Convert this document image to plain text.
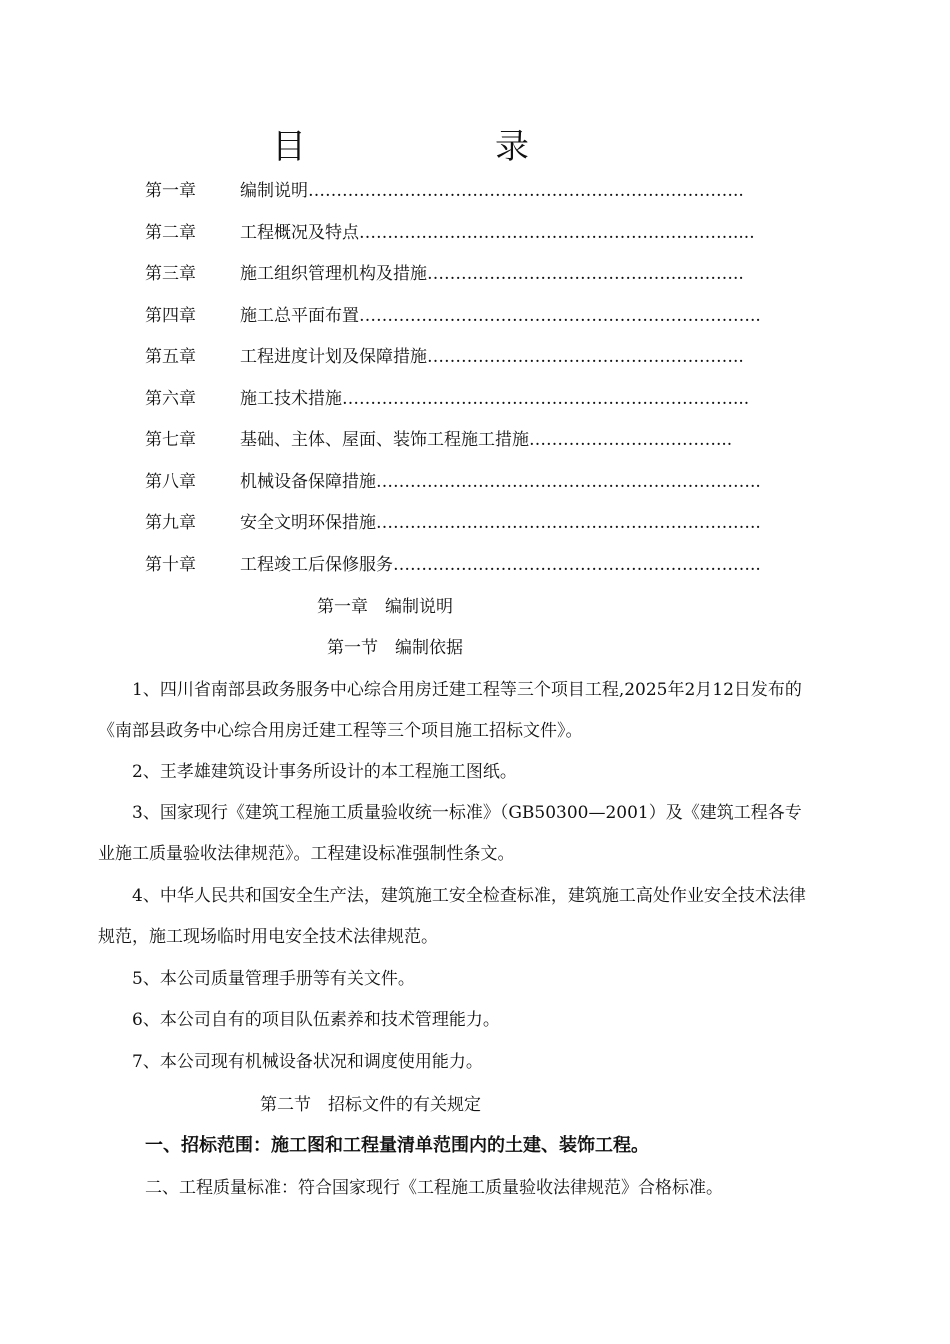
目	录
第一章	编制说明…………………………………………………………………..
第二章	工程概况及特点…………………………………………………………....
第三章	施工组织管理机构及措施………………………………………………..
第四章	施工总平面布置……………………………………………………………..
第五章	工程进度计划及保障措施………………………………………………..
第六章	施工技术措施……………………………………………………………...
第七章	基础、主体、屋面、装饰工程施工措施……………………………...
第八章	机械设备保障措施…………………………………………………………..
第九章	安全文明环保措施…………………………………………………………..
第十章	工程竣工后保修服务………………………………………………………..
第一章　编制说明
第一节　编制依据
　　1、四川省南部县政务服务中心综合用房迁建工程等三个项目工程,2025年2月12日发布的《南部县政务中心综合用房迁建工程等三个项目施工招标文件》。
　　2、王孝雄建筑设计事务所设计的本工程施工图纸。
　　3、国家现行《建筑工程施工质量验收统一标准》（GB50300—2001）及《建筑工程各专业施工质量验收法律规范》。工程建设标准强制性条文。
　　4、中华人民共和国安全生产法，建筑施工安全检查标准，建筑施工高处作业安全技术法律规范，施工现场临时用电安全技术法律规范。
　　5、本公司质量管理手册等有关文件。
　　6、本公司自有的项目队伍素养和技术管理能力。
　　7、本公司现有机械设备状况和调度使用能力。
第二节　招标文件的有关规定
一、招标范围：施工图和工程量清单范围内的土建、装饰工程。
二、工程质量标准：符合国家现行《工程施工质量验收法律规范》合格标准。
